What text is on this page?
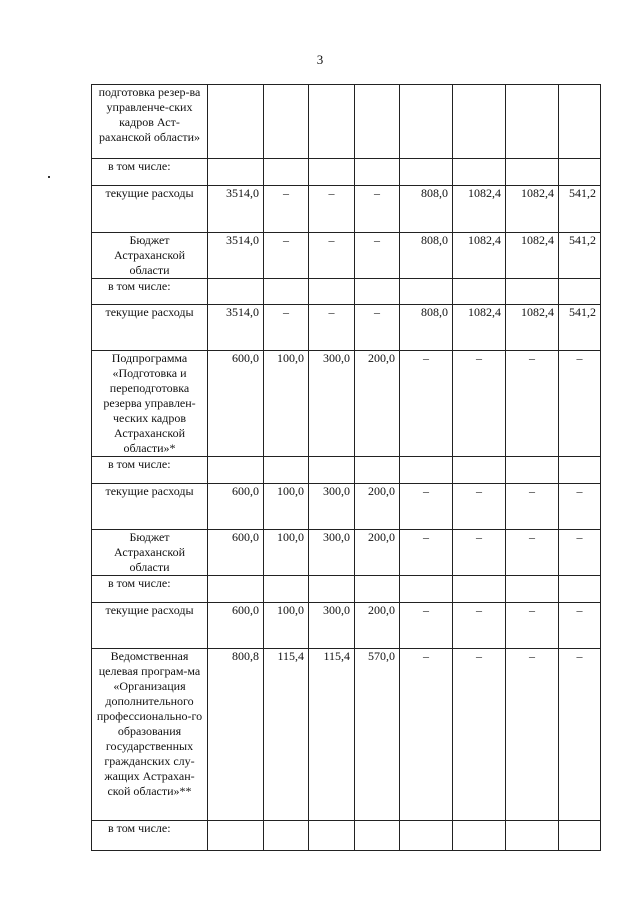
3
подготовка резер-ва управленче-ских кадров Аст-раханской области»								
в том числе:								
текущие расходы	3514,0	–	–	–	808,0	1082,4	1082,4	541,2
Бюджет Астраханской области	3514,0	–	–	–	808,0	1082,4	1082,4	541,2
в том числе:								
текущие расходы	3514,0	–	–	–	808,0	1082,4	1082,4	541,2
Подпрограмма «Подготовка и переподготовка резерва управлен-ческих кадров Астраханской области»*	600,0	100,0	300,0	200,0	–	–	–	–
в том числе:								
текущие расходы	600,0	100,0	300,0	200,0	–	–	–	–
Бюджет Астраханской области	600,0	100,0	300,0	200,0	–	–	–	–
в том числе:								
текущие расходы	600,0	100,0	300,0	200,0	–	–	–	–
Ведомственная целевая програм-ма «Организация дополнительного профессионально-го образования государственных гражданских слу-жащих Астрахан-ской области»**	800,8	115,4	115,4	570,0	–	–	–	–
в том числе:								
